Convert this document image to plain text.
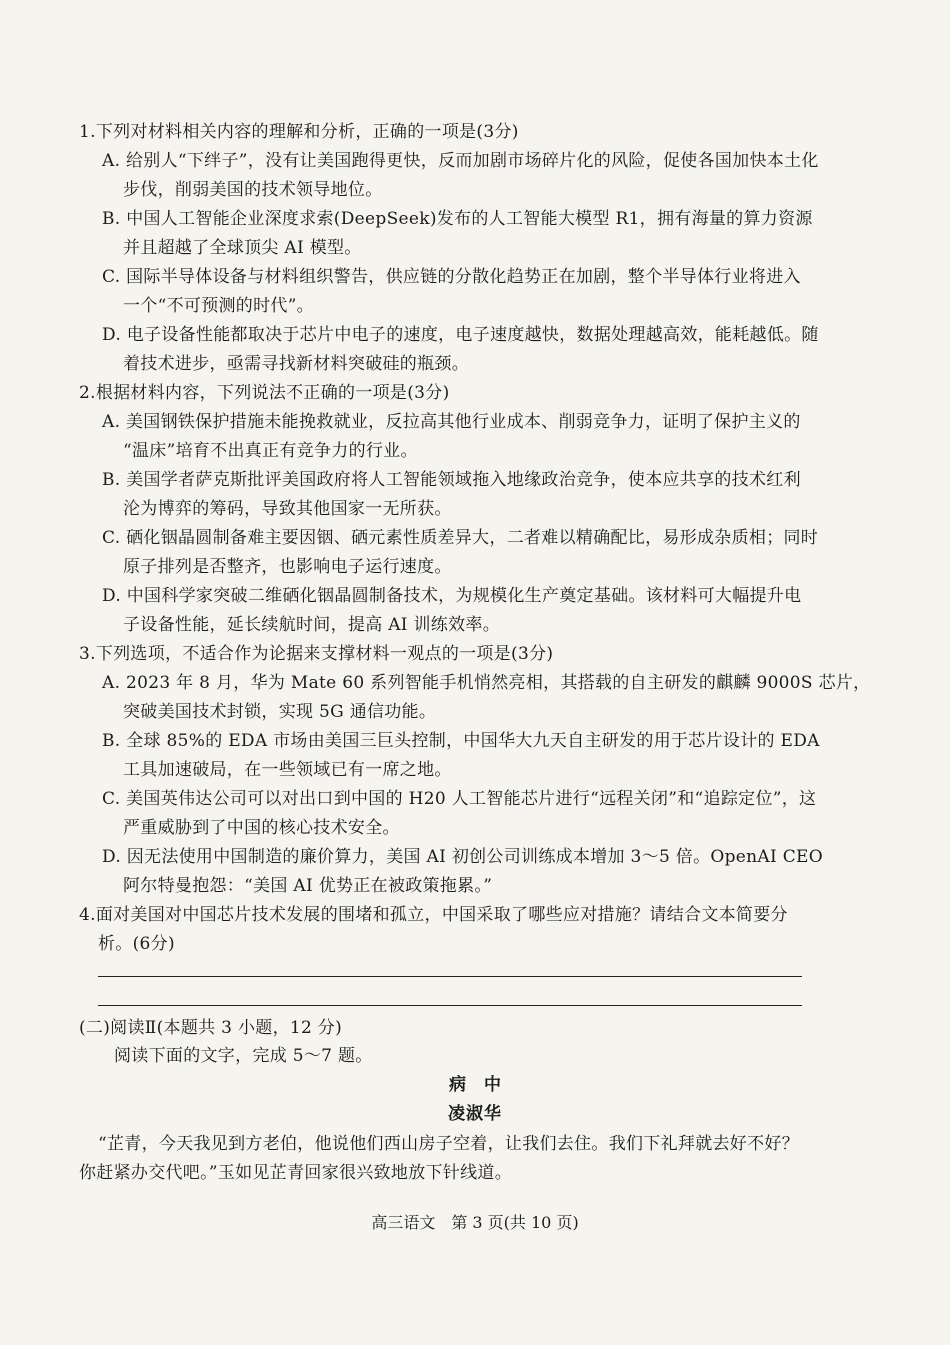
1.下列对材料相关内容的理解和分析，正确的一项是(3分)
A. 给别人“下绊子”，没有让美国跑得更快，反而加剧市场碎片化的风险，促使各国加快本土化
步伐，削弱美国的技术领导地位。
B. 中国人工智能企业深度求索(DeepSeek)发布的人工智能大模型 R1，拥有海量的算力资源
并且超越了全球顶尖 AI 模型。
C. 国际半导体设备与材料组织警告，供应链的分散化趋势正在加剧，整个半导体行业将进入
一个“不可预测的时代”。
D. 电子设备性能都取决于芯片中电子的速度，电子速度越快，数据处理越高效，能耗越低。随
着技术进步，亟需寻找新材料突破硅的瓶颈。
2.根据材料内容，下列说法不正确的一项是(3分)
A. 美国钢铁保护措施未能挽救就业，反拉高其他行业成本、削弱竞争力，证明了保护主义的
“温床”培育不出真正有竞争力的行业。
B. 美国学者萨克斯批评美国政府将人工智能领域拖入地缘政治竞争，使本应共享的技术红利
沦为博弈的筹码，导致其他国家一无所获。
C. 硒化铟晶圆制备难主要因铟、硒元素性质差异大，二者难以精确配比，易形成杂质相；同时
原子排列是否整齐，也影响电子运行速度。
D. 中国科学家突破二维硒化铟晶圆制备技术，为规模化生产奠定基础。该材料可大幅提升电
子设备性能，延长续航时间，提高 AI 训练效率。
3.下列选项，不适合作为论据来支撑材料一观点的一项是(3分)
A. 2023 年 8 月，华为 Mate 60 系列智能手机悄然亮相，其搭载的自主研发的麒麟 9000S 芯片，
突破美国技术封锁，实现 5G 通信功能。
B. 全球 85%的 EDA 市场由美国三巨头控制，中国华大九天自主研发的用于芯片设计的 EDA
工具加速破局，在一些领域已有一席之地。
C. 美国英伟达公司可以对出口到中国的 H20 人工智能芯片进行“远程关闭”和“追踪定位”，这
严重威胁到了中国的核心技术安全。
D. 因无法使用中国制造的廉价算力，美国 AI 初创公司训练成本增加 3～5 倍。OpenAI CEO
阿尔特曼抱怨：“美国 AI 优势正在被政策拖累。”
4.面对美国对中国芯片技术发展的围堵和孤立，中国采取了哪些应对措施？请结合文本简要分
析。(6分)
(二)阅读Ⅱ(本题共 3 小题，12 分)
阅读下面的文字，完成 5～7 题。
病中
凌淑华
“芷青，今天我见到方老伯，他说他们西山房子空着，让我们去住。我们下礼拜就去好不好？
你赶紧办交代吧。”玉如见芷青回家很兴致地放下针线道。
高三语文　第 3 页(共 10 页)
